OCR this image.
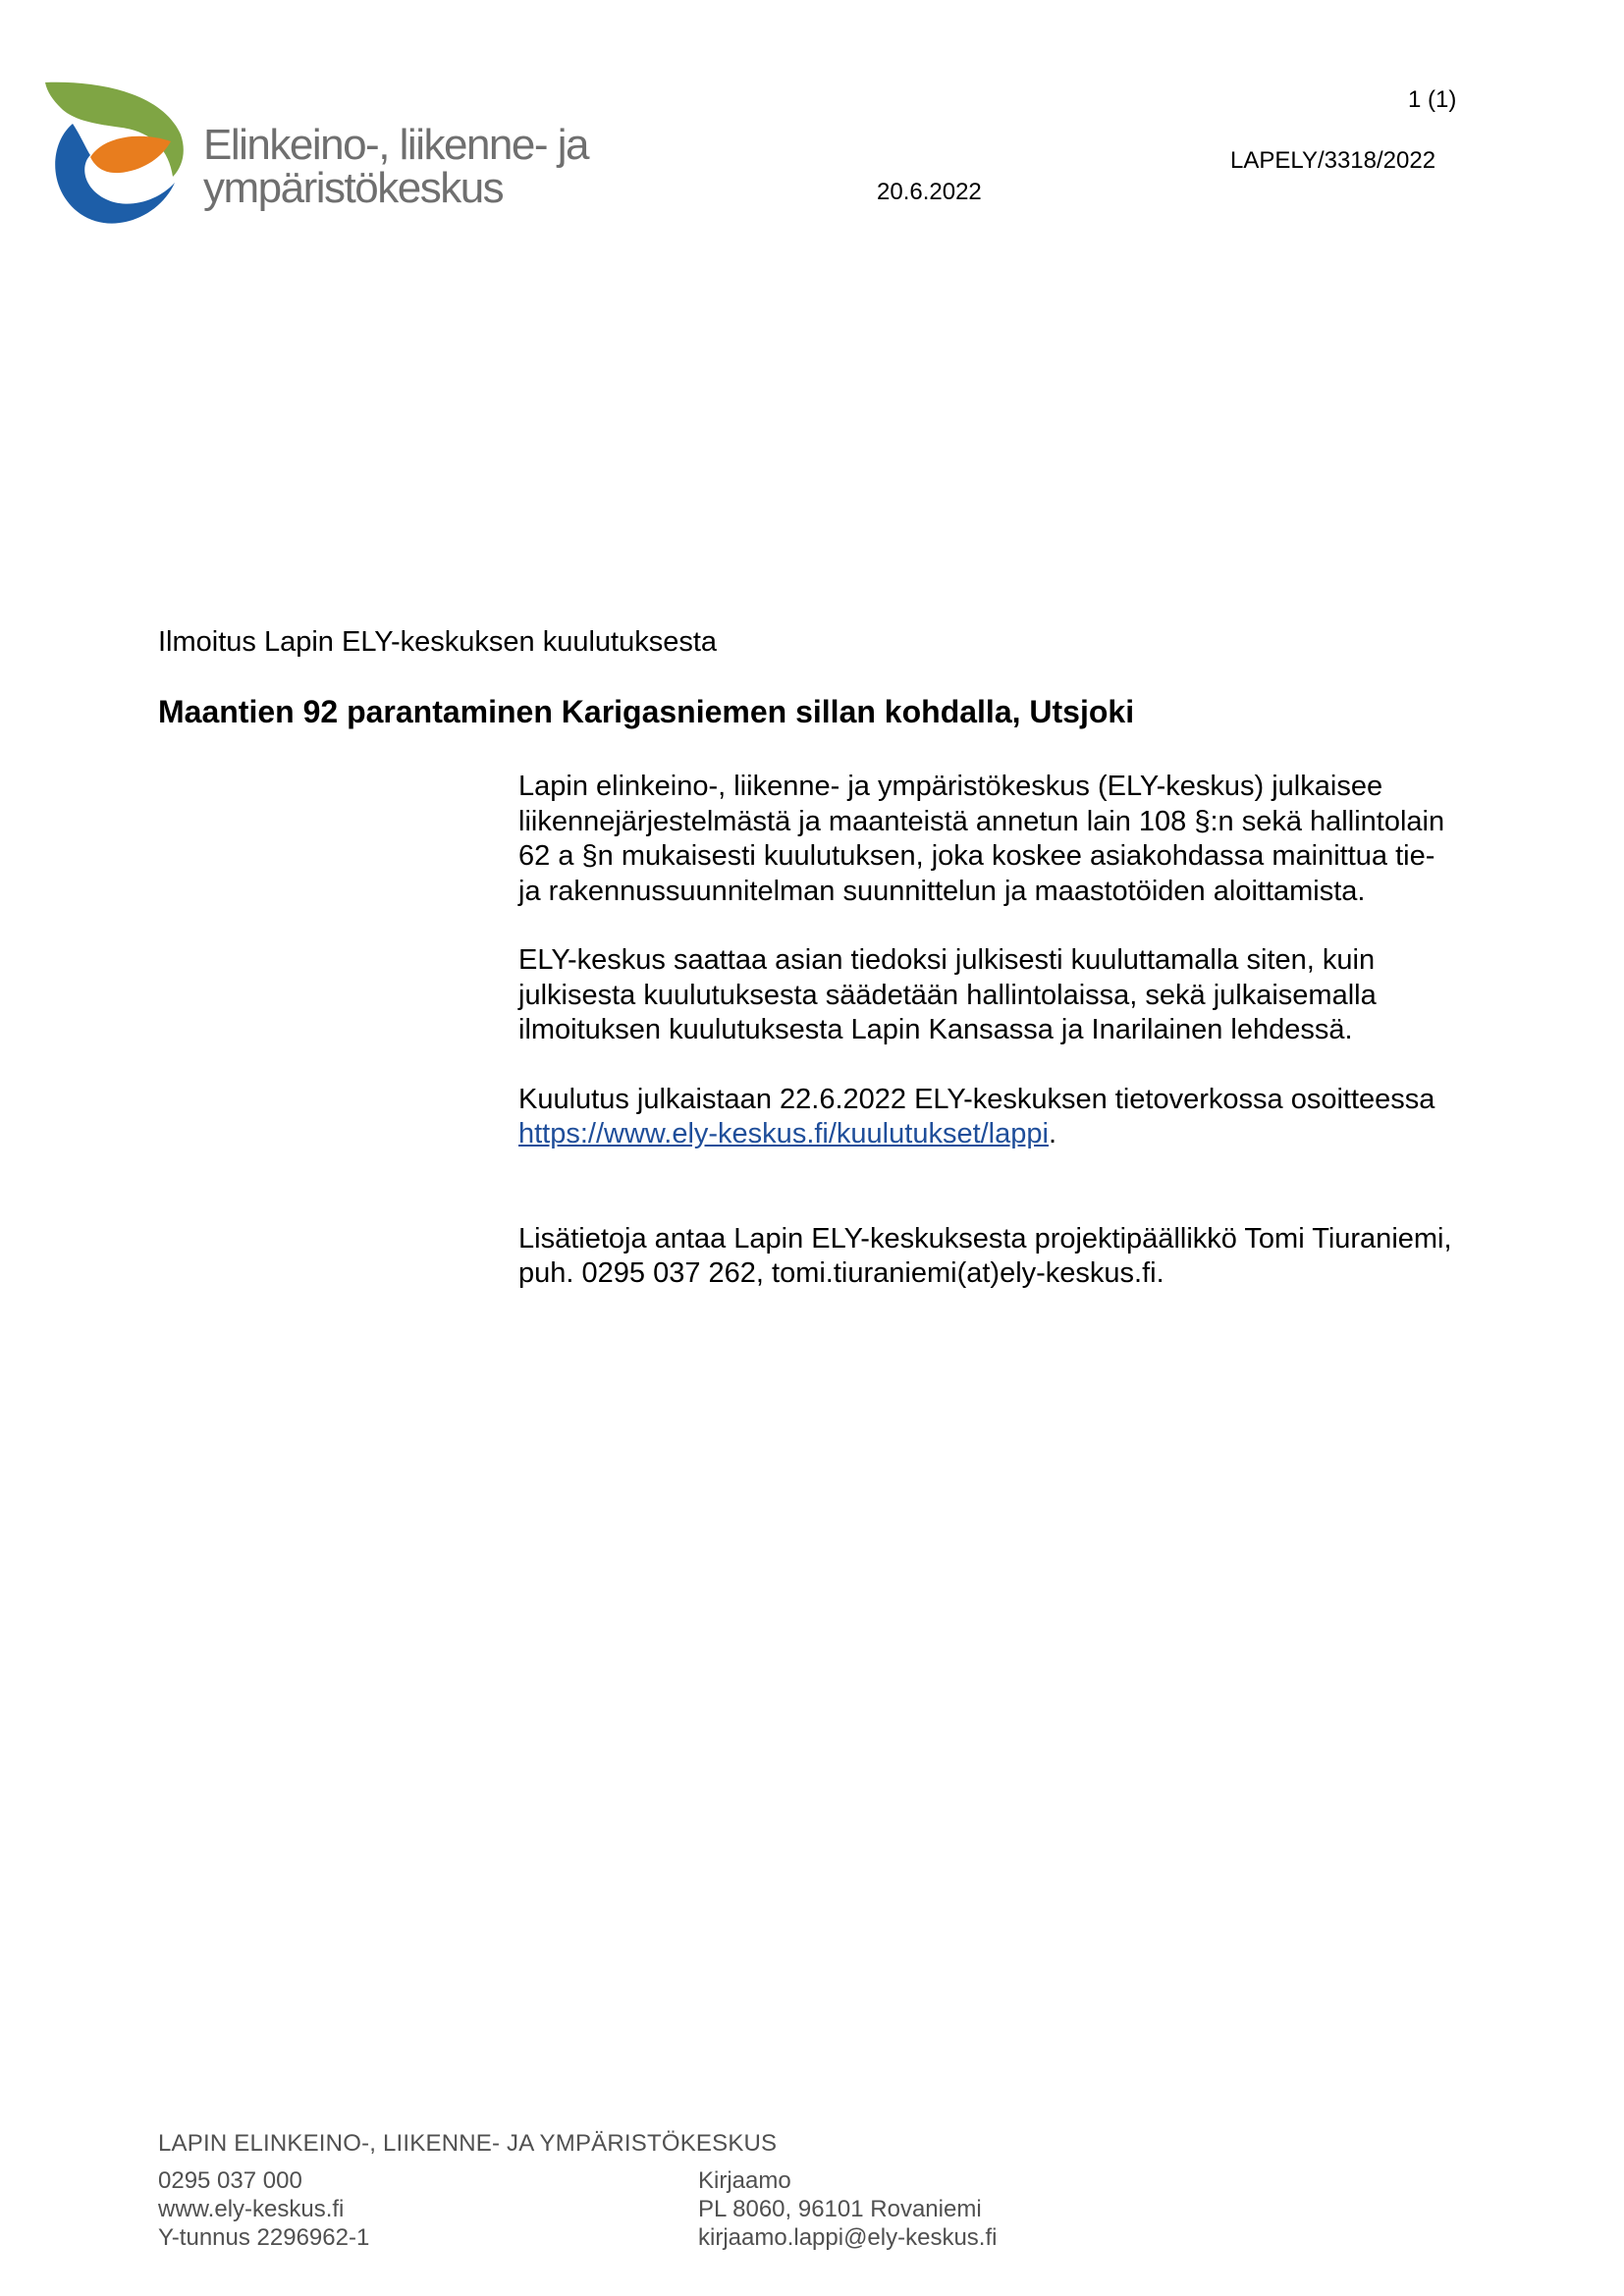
Elinkeino-, liikenne- ja
ympäristökeskus
1 (1)
LAPELY/3318/2022
20.6.2022
Ilmoitus Lapin ELY-keskuksen kuulutuksesta
Maantien 92 parantaminen Karigasniemen sillan kohdalla, Utsjoki

Lapin elinkeino-, liikenne- ja ympäristökeskus (ELY-keskus) julkaisee
liikennejärjestelmästä ja maanteistä annetun lain 108 §:n sekä hallintolain
62 a §n mukaisesti kuulutuksen, joka koskee asiakohdassa mainittua tie-
ja rakennussuunnitelman suunnittelun ja maastotöiden aloittamista.

ELY-keskus saattaa asian tiedoksi julkisesti kuuluttamalla siten, kuin
julkisesta kuulutuksesta säädetään hallintolaissa, sekä julkaisemalla
ilmoituksen kuulutuksesta Lapin Kansassa ja Inarilainen lehdessä.

Kuulutus julkaistaan 22.6.2022 ELY-keskuksen tietoverkossa osoitteessa
https://www.ely-keskus.fi/kuulutukset/lappi.

Lisätietoja antaa Lapin ELY-keskuksesta projektipäällikkö Tomi Tiuraniemi,
puh. 0295 037 262, tomi.tiuraniemi(at)ely-keskus.fi.

LAPIN ELINKEINO-, LIIKENNE- JA YMPÄRISTÖKESKUS
0295 037 000
www.ely-keskus.fi
Y-tunnus 2296962-1
Kirjaamo
PL 8060, 96101 Rovaniemi
kirjaamo.lappi@ely-keskus.fi
